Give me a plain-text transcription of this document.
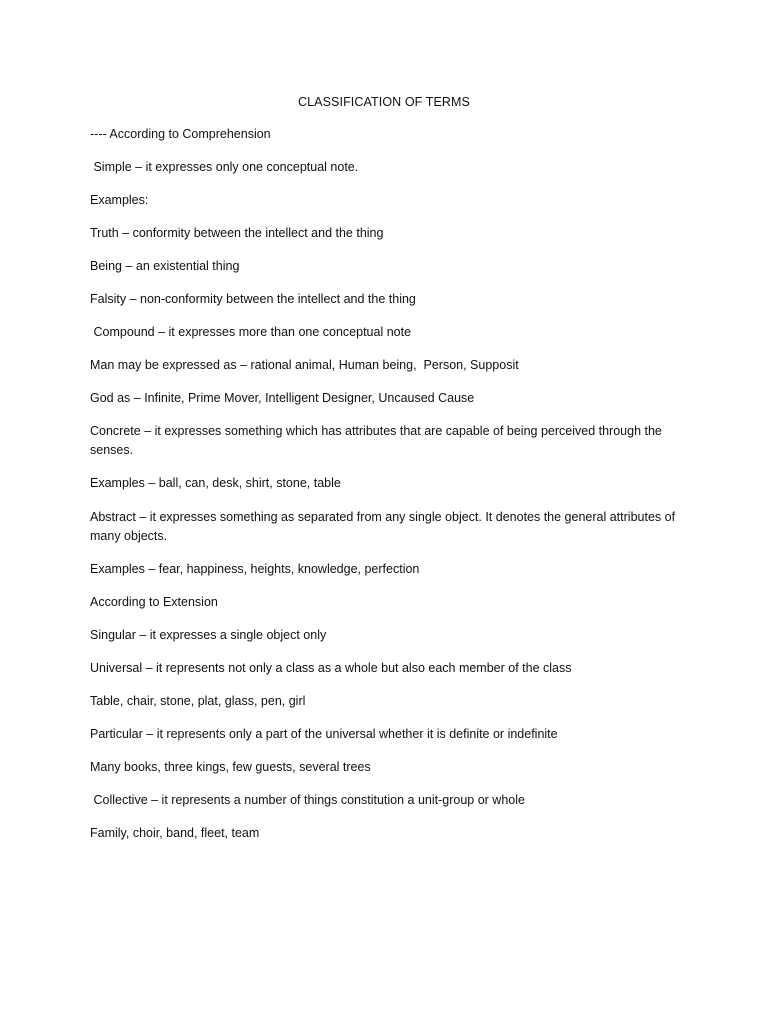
CLASSIFICATION OF TERMS

---- According to Comprehension

Simple – it expresses only one conceptual note.

Examples:

Truth – conformity between the intellect and the thing

Being – an existential thing

Falsity – non-conformity between the intellect and the thing

Compound – it expresses more than one conceptual note

Man may be expressed as – rational animal, Human being,  Person, Supposit

God as – Infinite, Prime Mover, Intelligent Designer, Uncaused Cause

Concrete – it expresses something which has attributes that are capable of being perceived through the senses.

Examples – ball, can, desk, shirt, stone, table

Abstract – it expresses something as separated from any single object. It denotes the general attributes of many objects.

Examples – fear, happiness, heights, knowledge, perfection

According to Extension

Singular – it expresses a single object only

Universal – it represents not only a class as a whole but also each member of the class

Table, chair, stone, plat, glass, pen, girl

Particular – it represents only a part of the universal whether it is definite or indefinite

Many books, three kings, few guests, several trees

Collective – it represents a number of things constitution a unit-group or whole

Family, choir, band, fleet, team
